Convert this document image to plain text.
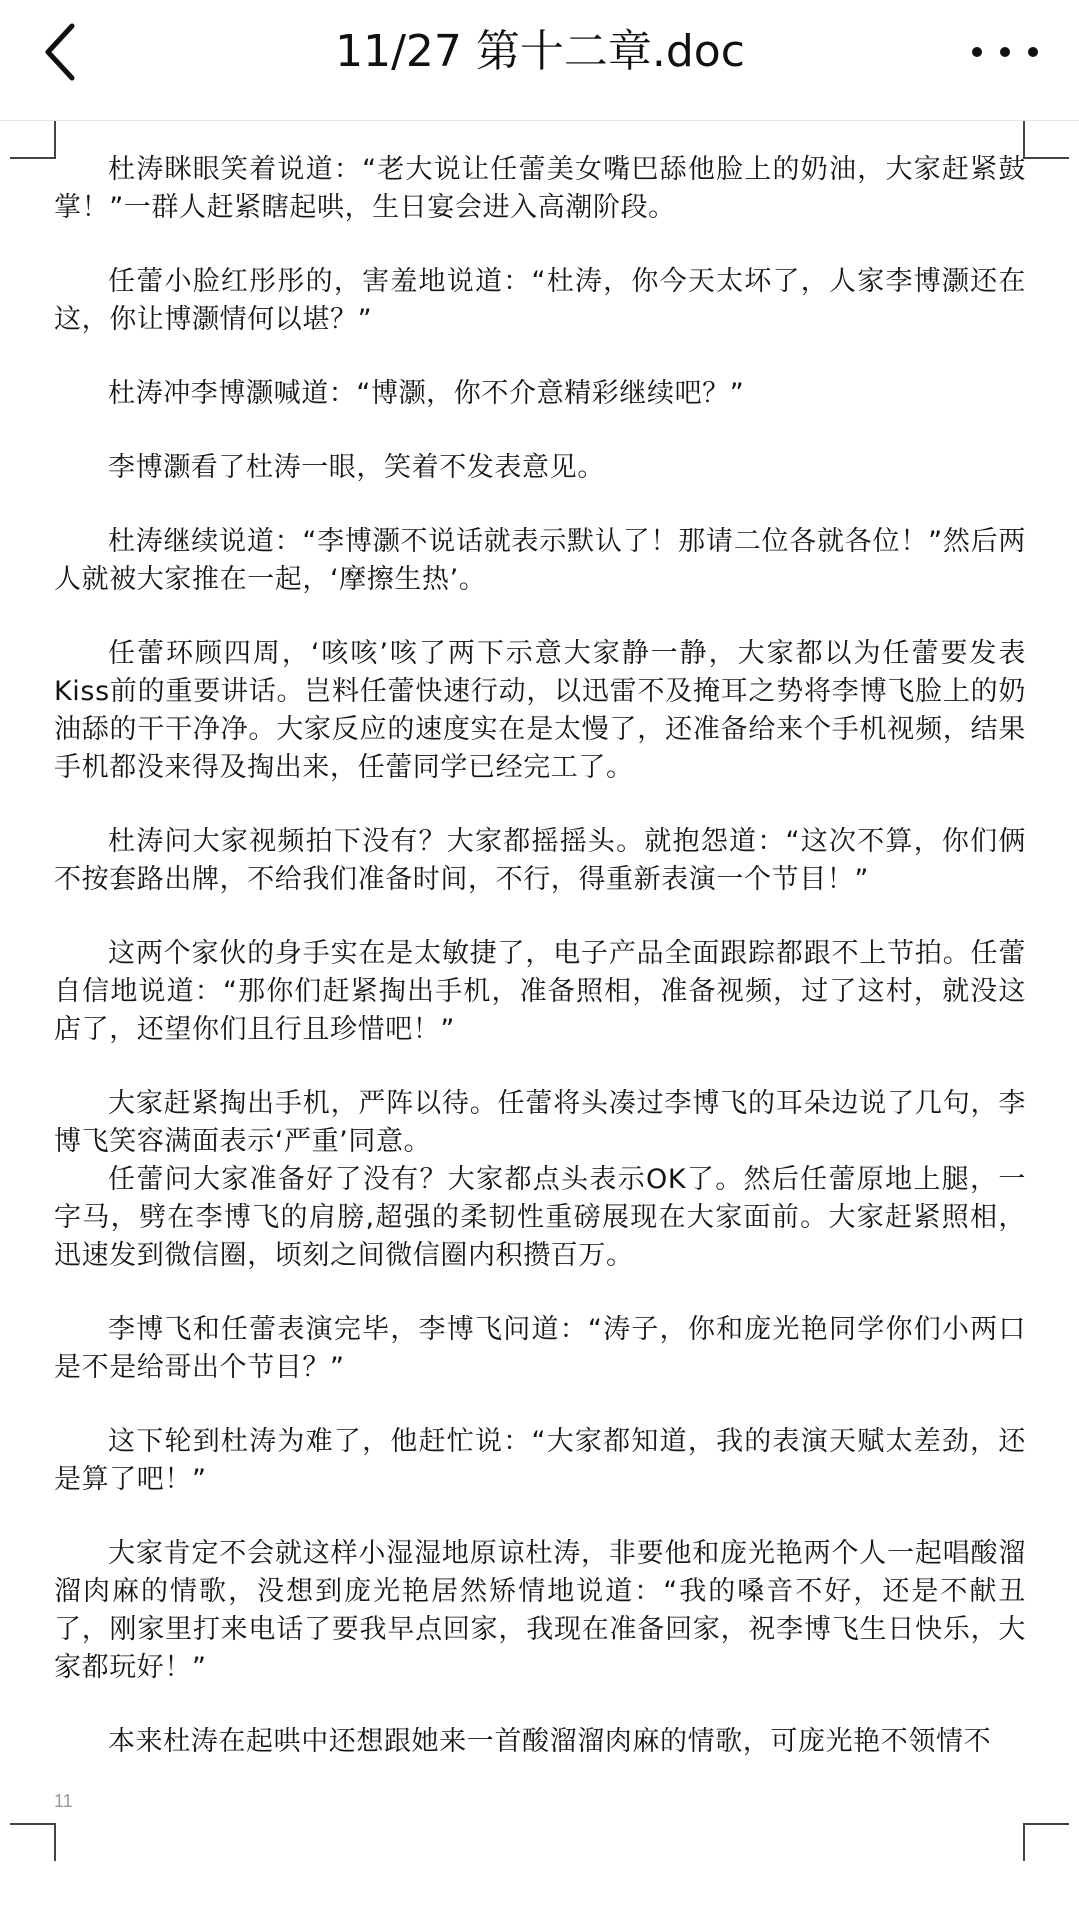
11/27 第十二章.doc

杜涛眯眼笑着说道：“老大说让任蕾美女嘴巴舔他脸上的奶油，大家赶紧鼓掌！”一群人赶紧瞎起哄，生日宴会进入高潮阶段。

任蕾小脸红彤彤的，害羞地说道：“杜涛，你今天太坏了，人家李博灏还在这，你让博灏情何以堪？”

杜涛冲李博灏喊道：“博灏，你不介意精彩继续吧？”

李博灏看了杜涛一眼，笑着不发表意见。

杜涛继续说道：“李博灏不说话就表示默认了！那请二位各就各位！”然后两人就被大家推在一起，‘摩擦生热’。

任蕾环顾四周，‘咳咳’咳了两下示意大家静一静，大家都以为任蕾要发表Kiss前的重要讲话。岂料任蕾快速行动，以迅雷不及掩耳之势将李博飞脸上的奶油舔的干干净净。大家反应的速度实在是太慢了，还准备给来个手机视频，结果手机都没来得及掏出来，任蕾同学已经完工了。

杜涛问大家视频拍下没有？大家都摇摇头。就抱怨道：“这次不算，你们俩不按套路出牌，不给我们准备时间，不行，得重新表演一个节目！”

这两个家伙的身手实在是太敏捷了，电子产品全面跟踪都跟不上节拍。任蕾自信地说道：“那你们赶紧掏出手机，准备照相，准备视频，过了这村，就没这店了，还望你们且行且珍惜吧！”

大家赶紧掏出手机，严阵以待。任蕾将头凑过李博飞的耳朵边说了几句，李博飞笑容满面表示‘严重’同意。

任蕾问大家准备好了没有？大家都点头表示OK了。然后任蕾原地上腿，一字马，劈在李博飞的肩膀,超强的柔韧性重磅展现在大家面前。大家赶紧照相，迅速发到微信圈，顷刻之间微信圈内积攒百万。

李博飞和任蕾表演完毕，李博飞问道：“涛子，你和庞光艳同学你们小两口是不是给哥出个节目？”

这下轮到杜涛为难了，他赶忙说：“大家都知道，我的表演天赋太差劲，还是算了吧！”

大家肯定不会就这样小湿湿地原谅杜涛，非要他和庞光艳两个人一起唱酸溜溜肉麻的情歌，没想到庞光艳居然矫情地说道：“我的嗓音不好，还是不献丑了，刚家里打来电话了要我早点回家，我现在准备回家，祝李博飞生日快乐，大家都玩好！”

本来杜涛在起哄中还想跟她来一首酸溜溜肉麻的情歌，可庞光艳不领情不

11
